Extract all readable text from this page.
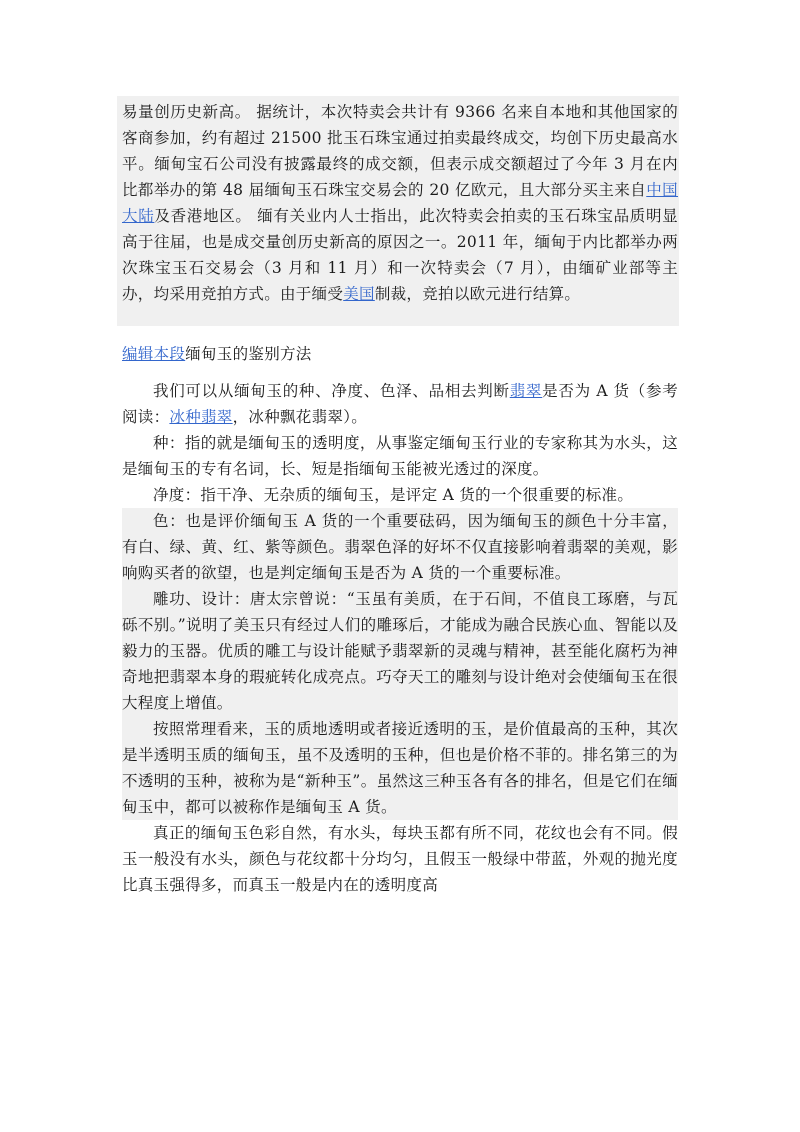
易量创历史新高。 据统计，本次特卖会共计有 9366 名来自本地和其他国家的客商参加，约有超过 21500 批玉石珠宝通过拍卖最终成交，均创下历史最高水平。缅甸宝石公司没有披露最终的成交额，但表示成交额超过了今年 3 月在内比都举办的第 48 届缅甸玉石珠宝交易会的 20 亿欧元，且大部分买主来自中国大陆及香港地区。 缅有关业内人士指出，此次特卖会拍卖的玉石珠宝品质明显高于往届，也是成交量创历史新高的原因之一。2011 年，缅甸于内比都举办两次珠宝玉石交易会（3 月和 11 月）和一次特卖会（7 月），由缅矿业部等主办，均采用竞拍方式。由于缅受美国制裁，竞拍以欧元进行结算。

编辑本段缅甸玉的鉴别方法

我们可以从缅甸玉的种、净度、色泽、品相去判断翡翠是否为 A 货（参考阅读：冰种翡翠，冰种飘花翡翠）。

种：指的就是缅甸玉的透明度，从事鉴定缅甸玉行业的专家称其为水头，这是缅甸玉的专有名词，长、短是指缅甸玉能被光透过的深度。

净度：指干净、无杂质的缅甸玉，是评定 A 货的一个很重要的标准。

色：也是评价缅甸玉 A 货的一个重要砝码，因为缅甸玉的颜色十分丰富，有白、绿、黄、红、紫等颜色。翡翠色泽的好坏不仅直接影响着翡翠的美观，影响购买者的欲望，也是判定缅甸玉是否为 A 货的一个重要标准。

雕功、设计：唐太宗曾说：“玉虽有美质，在于石间，不值良工琢磨，与瓦砾不别。”说明了美玉只有经过人们的雕琢后，才能成为融合民族心血、智能以及毅力的玉器。优质的雕工与设计能赋予翡翠新的灵魂与精神，甚至能化腐朽为神奇地把翡翠本身的瑕疵转化成亮点。巧夺天工的雕刻与设计绝对会使缅甸玉在很大程度上增值。

按照常理看来，玉的质地透明或者接近透明的玉，是价值最高的玉种，其次是半透明玉质的缅甸玉，虽不及透明的玉种，但也是价格不菲的。排名第三的为不透明的玉种，被称为是“新种玉”。虽然这三种玉各有各的排名，但是它们在缅甸玉中，都可以被称作是缅甸玉 A 货。

真正的缅甸玉色彩自然，有水头，每块玉都有所不同，花纹也会有不同。假玉一般没有水头，颜色与花纹都十分均匀，且假玉一般绿中带蓝，外观的抛光度比真玉强得多，而真玉一般是内在的透明度高
